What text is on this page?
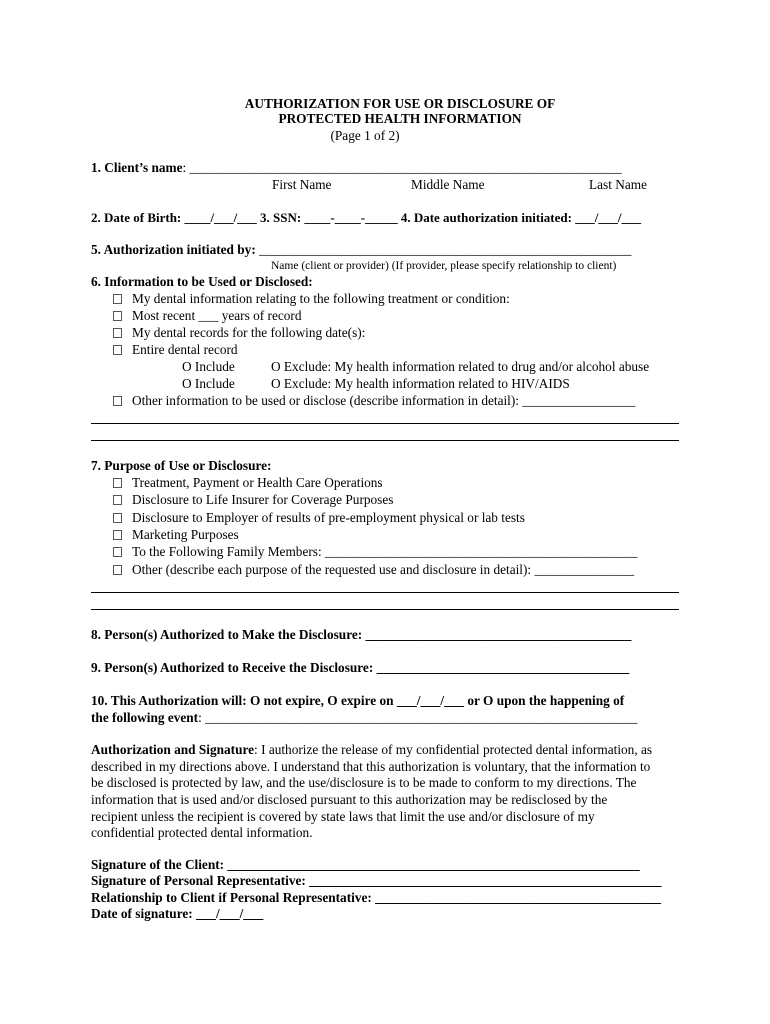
AUTHORIZATION FOR USE OR DISCLOSURE OF
PROTECTED HEALTH INFORMATION
(Page 1 of 2)
1. Client’s name: _________________________________________________________________
First Name	Middle Name	Last Name
2. Date of Birth: ____/___/___ 3. SSN: ____-____-_____ 4. Date authorization initiated: ___/___/___
5. Authorization initiated by: ________________________________________________________
Name (client or provider) (If provider, please specify relationship to client)
6. Information to be Used or Disclosed:
My dental information relating to the following treatment or condition:
Most recent ___ years of record
My dental records for the following date(s):
Entire dental record
O Include	O Exclude: My health information related to drug and/or alcohol abuse
O Include	O Exclude: My health information related to HIV/AIDS
Other information to be used or disclose (describe information in detail): _________________
7. Purpose of Use or Disclosure:
Treatment, Payment or Health Care Operations
Disclosure to Life Insurer for Coverage Purposes
Disclosure to Employer of results of pre-employment physical or lab tests
Marketing Purposes
To the Following Family Members: _______________________________________________
Other (describe each purpose of the requested use and disclosure in detail): _______________
8. Person(s) Authorized to Make the Disclosure: ________________________________________
9. Person(s) Authorized to Receive the Disclosure: ______________________________________
10. This Authorization will: O not expire, O expire on ___/___/___ or O upon the happening of
the following event: _________________________________________________________________
Authorization and Signature: I authorize the release of my confidential protected dental information, as
described in my directions above. I understand that this authorization is voluntary, that the information to
be disclosed is protected by law, and the use/disclosure is to be made to conform to my directions. The
information that is used and/or disclosed pursuant to this authorization may be redisclosed by the
recipient unless the recipient is covered by state laws that limit the use and/or disclosure of my
confidential protected dental information.
Signature of the Client: ______________________________________________________________
Signature of Personal Representative: _____________________________________________________
Relationship to Client if Personal Representative: ___________________________________________
Date of signature: ___/___/___
